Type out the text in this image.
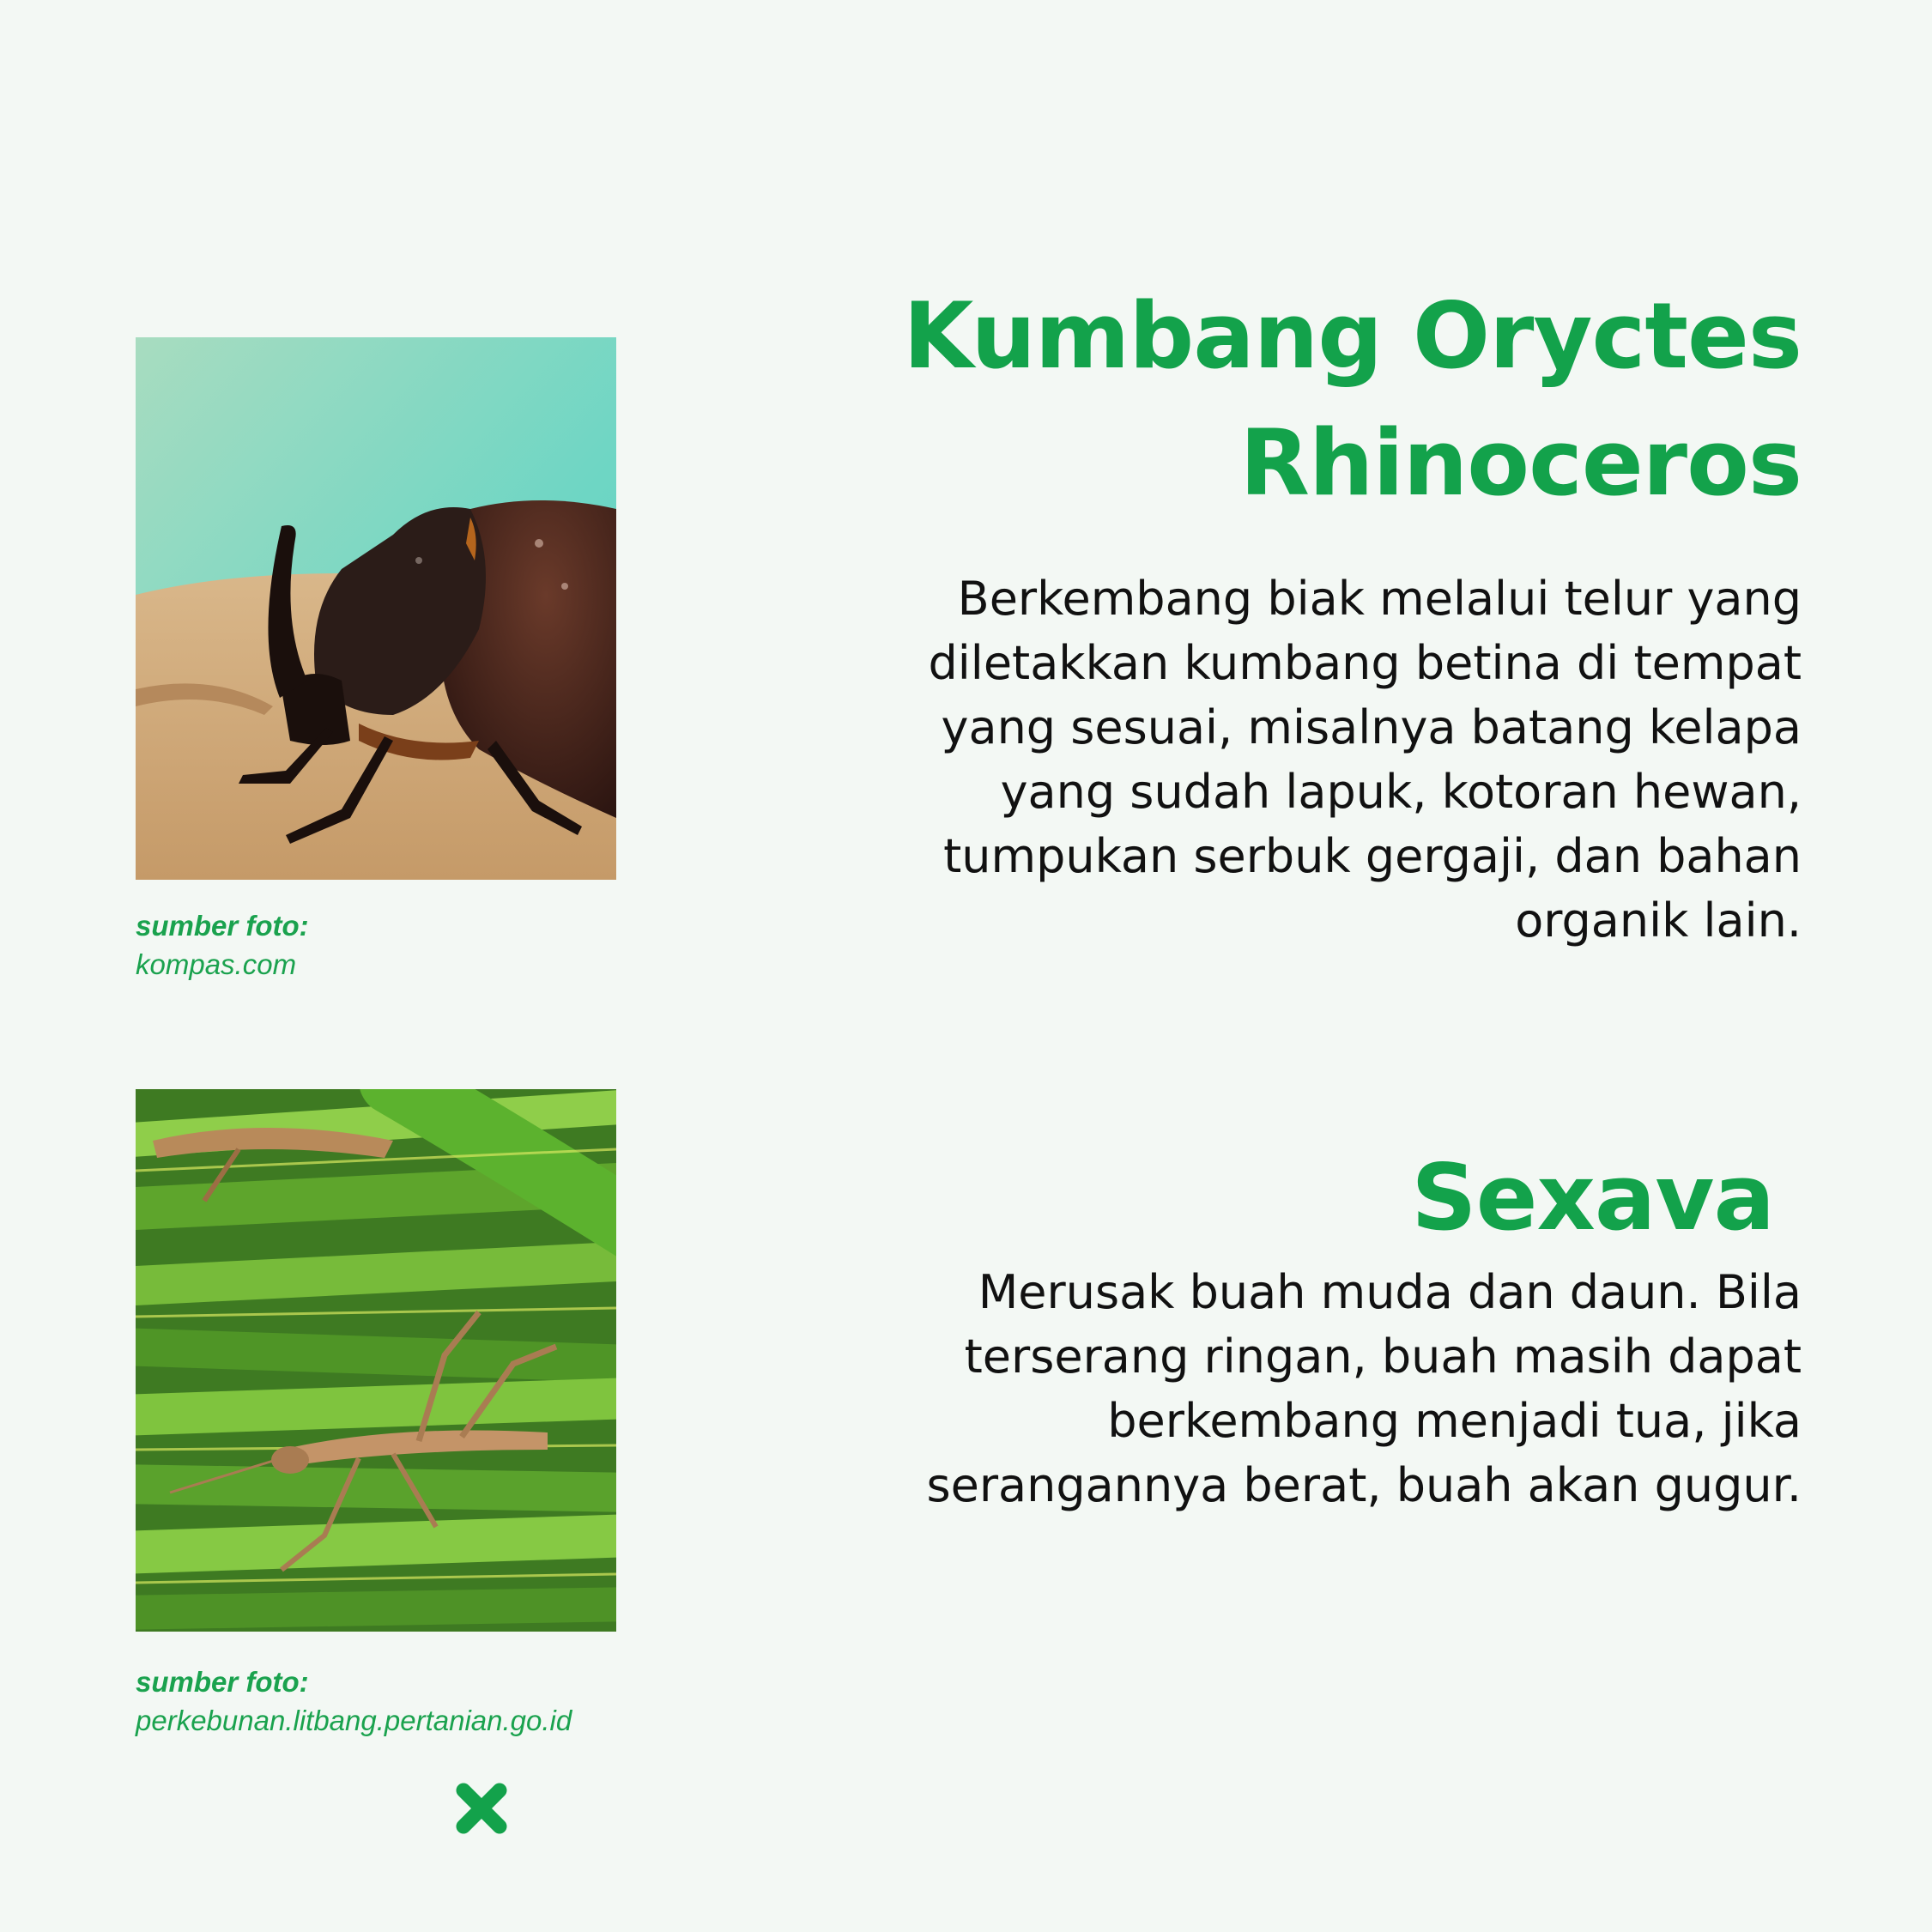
sumber foto:
kompas.com
Kumbang Oryctes
Rhinoceros

Berkembang biak melalui telur yang diletakkan kumbang betina di tempat yang sesuai, misalnya batang kelapa yang sudah lapuk, kotoran hewan, tumpukan serbuk gergaji, dan bahan organik lain.

sumber foto:
perkebunan.litbang.pertanian.go.id
Sexava

Merusak buah muda dan daun. Bila terserang ringan, buah masih dapat berkembang menjadi tua, jika serangannya berat, buah akan gugur.
